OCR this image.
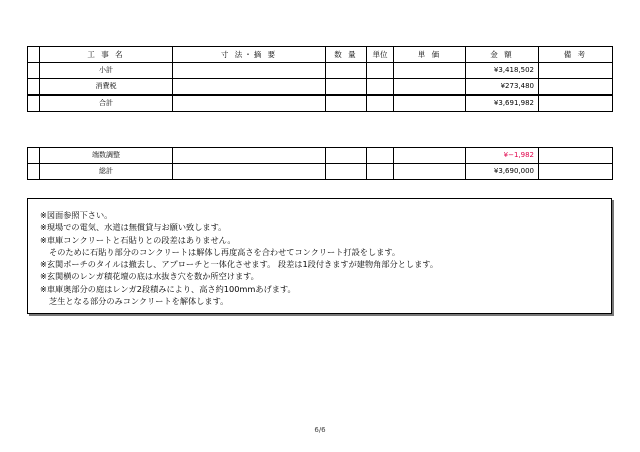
	工 事 名	寸 法・摘 要	数 量	単位	単 価	金 額	備 考
	小計					¥3,418,502	
	消費税					¥273,480	
	合計					¥3,691,982	
	端数調整					¥−1,982	
	総計					¥3,690,000	
※図面参照下さい。
※現場での電気、水道は無償貸与お願い致します。
※車庫コンクリートと石貼りとの段差はありません。
そのために石貼り部分のコンクリートは解体し再度高さを合わせてコンクリート打設をします。
※玄関ポーチのタイルは撤去し、アプローチと一体化させます。 段差は1段付きますが建物角部分とします。
※玄関横のレンガ積花壇の底は水抜き穴を数か所空けます。
※車庫奥部分の庭はレンガ2段積みにより、高さ約100mmあげます。
芝生となる部分のみコンクリートを解体します。
6/6
